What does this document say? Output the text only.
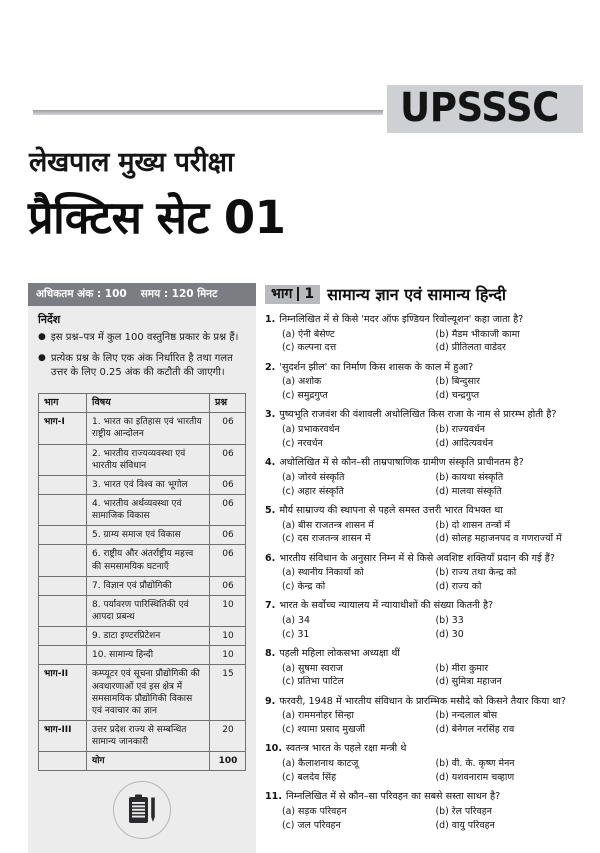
UPSSSC
लेखपाल मुख्य परीक्षा
प्रैक्टिस सेट 01
अधिकतम अंक : 100 समय : 120 मिनट
निर्देश
● इस प्रश्न–पत्र में कुल 100 वस्तुनिष्ठ प्रकार के प्रश्न हैं।
● प्रत्येक प्रश्न के लिए एक अंक निर्धारित है तथा गलत उत्तर के लिए 0.25 अंक की कटौती की जाएगी।
भाग	विषय	प्रश्न
भाग-I	1. भारत का इतिहास एवं भारतीय राष्ट्रीय आन्दोलन	06
	2. भारतीय राज्यव्यवस्था एवं भारतीय संविधान	06
	3. भारत एवं विश्व का भूगोल	06
	4. भारतीय अर्थव्यवस्था एवं सामाजिक विकास	06
	5. ग्राम्य समाज एवं विकास	06
	6. राष्ट्रीय और अंतर्राष्ट्रीय महत्त्व की समसामयिक घटनाएँ	06
	7. विज्ञान एवं प्रौद्योगिकी	06
	8. पर्यावरण पारिस्थितिकी एवं आपदा प्रबन्ध	10
	9. डाटा इण्टरप्रिटेशन	10
	10. सामान्य हिन्दी	10
भाग-II	कम्प्यूटर एवं सूचना प्रौद्योगिकी की अवधारणाओं एवं इस क्षेत्र में समसामयिक प्रौद्योगिकी विकास एवं नवाचार का ज्ञान	15
भाग-III	उत्तर प्रदेश राज्य से सम्बन्धित सामान्य जानकारी	20
	योग	100
भाग 1 सामान्य ज्ञान एवं सामान्य हिन्दी
1. निम्नलिखित में से किसे 'मदर ऑफ इण्डियन रिवोल्यूशन' कहा जाता है?
(a) ऐनी बेसेण्ट	(b) मैडम भीकाजी कामा
(c) कल्पना दत्त	(d) प्रीतिलता वाडेदर
2. 'सुदर्शन झील' का निर्माण किस शासक के काल में हुआ?
(a) अशोक	(b) बिन्दुसार
(c) समुद्रगुप्त	(d) चन्द्रगुप्त
3. पुष्यभूति राजवंश की वंशावली अधोलिखित किस राजा के नाम से प्रारम्भ होती है?
(a) प्रभाकरवर्धन	(b) राज्यवर्धन
(c) नरवर्धन	(d) आदित्यवर्धन
4. अधोलिखित में से कौन–सी ताम्रपाषाणिक ग्रामीण संस्कृति प्राचीनतम है?
(a) जोरवे संस्कृति	(b) कायथा संस्कृति
(c) अहार संस्कृति	(d) मालवा संस्कृति
5. मौर्य साम्राज्य की स्थापना से पहले समस्त उत्तरी भारत विभक्त था
(a) बीस राजतन्त्र शासन में	(b) दो शासन तन्त्रों में
(c) दस राजतन्त्र शासन में	(d) सोलह महाजनपद व गणराज्यों में
6. भारतीय संविधान के अनुसार निम्न में से किसे अवशिष्ट शक्तियाँ प्रदान की गई हैं?
(a) स्थानीय निकायों को	(b) राज्य तथा केन्द्र को
(c) केन्द्र को	(d) राज्य को
7. भारत के सर्वोच्च न्यायालय में न्यायाधीशों की संख्या कितनी है?
(a) 34	(b) 33
(c) 31	(d) 30
8. पहली महिला लोकसभा अध्यक्षा थीं
(a) सुषमा स्वराज	(b) मीरा कुमार
(c) प्रतिभा पाटिल	(d) सुमित्रा महाजन
9. फरवरी, 1948 में भारतीय संविधान के प्रारम्भिक मसौदे को किसने तैयार किया था?
(a) राममनोहर सिन्हा	(b) नन्दलाल बोस
(c) श्यामा प्रसाद मुखर्जी	(d) बेनेगल नरसिंह राव
10. स्वतन्त्र भारत के पहले रक्षा मन्त्री थे
(a) कैलाशनाथ काटजू	(b) वी. के. कृष्ण मेनन
(c) बलदेव सिंह	(d) यशवनाराम चव्हाण
11. निम्नलिखित में से कौन–सा परिवहन का सबसे सस्ता साधन है?
(a) सड़क परिवहन	(b) रेल परिवहन
(c) जल परिवहन	(d) वायु परिवहन
